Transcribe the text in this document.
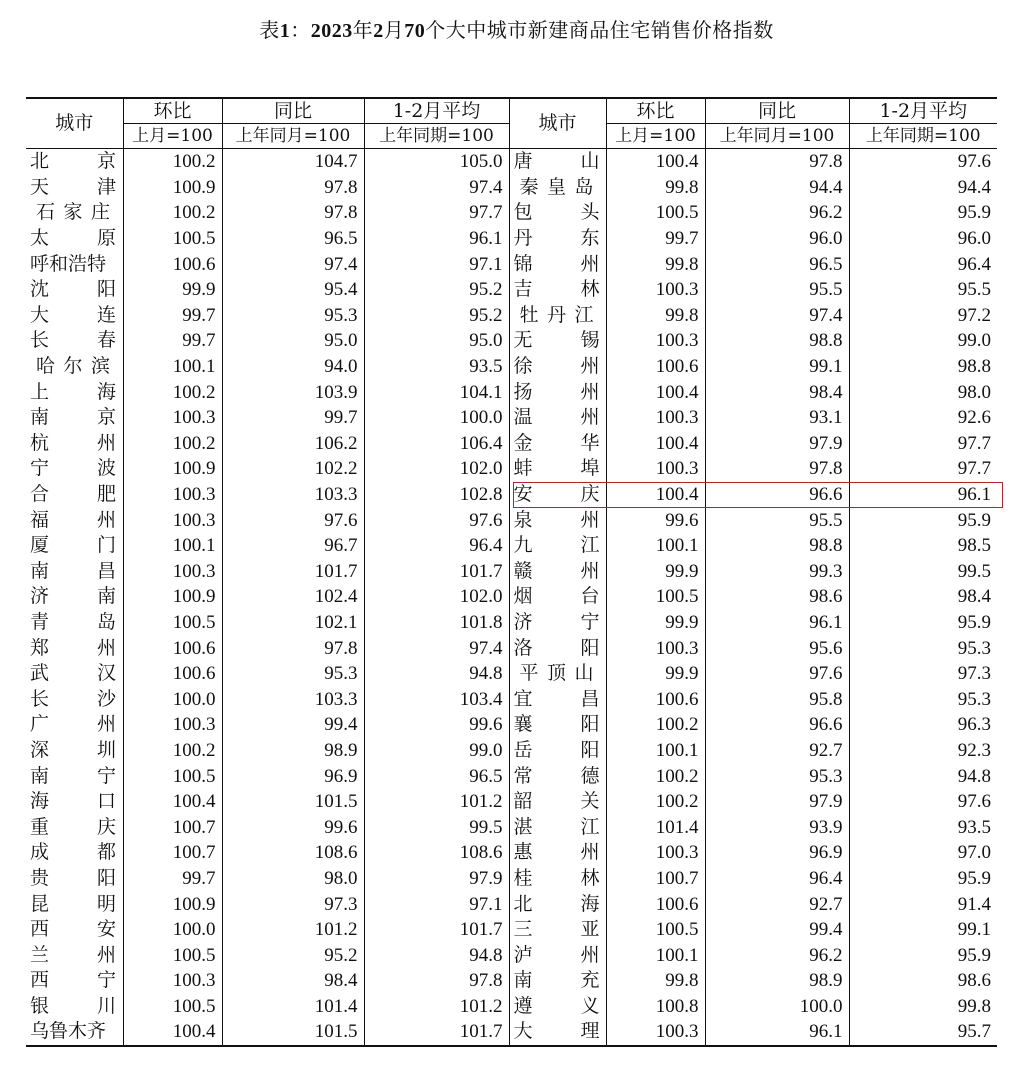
表1：2023年2月70个大中城市新建商品住宅销售价格指数
城市	环比	同比	1-2月平均	城市	环比	同比	1-2月平均
	上月=100	上年同月=100	上年同期=100		上月=100	上年同月=100	上年同期=100

北 京	100.2	104.7	105.0	唐 山	100.4	97.8	97.6

天 津	100.9	97.8	97.4	秦 皇 岛	99.8	94.4	94.4

石 家 庄	100.2	97.8	97.7	包 头	100.5	96.2	95.9

太 原	100.5	96.5	96.1	丹 东	99.7	96.0	96.0

呼 和 浩 特	100.6	97.4	97.1	锦 州	99.8	96.5	96.4

沈 阳	99.9	95.4	95.2	吉 林	100.3	95.5	95.5

大 连	99.7	95.3	95.2	牡 丹 江	99.8	97.4	97.2

长 春	99.7	95.0	95.0	无 锡	100.3	98.8	99.0

哈 尔 滨	100.1	94.0	93.5	徐 州	100.6	99.1	98.8

上 海	100.2	103.9	104.1	扬 州	100.4	98.4	98.0

南 京	100.3	99.7	100.0	温 州	100.3	93.1	92.6

杭 州	100.2	106.2	106.4	金 华	100.4	97.9	97.7

宁 波	100.9	102.2	102.0	蚌 埠	100.3	97.8	97.7

合 肥	100.3	103.3	102.8	安 庆	100.4	96.6	96.1

福 州	100.3	97.6	97.6	泉 州	99.6	95.5	95.9

厦 门	100.1	96.7	96.4	九 江	100.1	98.8	98.5

南 昌	100.3	101.7	101.7	赣 州	99.9	99.3	99.5

济 南	100.9	102.4	102.0	烟 台	100.5	98.6	98.4

青 岛	100.5	102.1	101.8	济 宁	99.9	96.1	95.9

郑 州	100.6	97.8	97.4	洛 阳	100.3	95.6	95.3

武 汉	100.6	95.3	94.8	平 顶 山	99.9	97.6	97.3

长 沙	100.0	103.3	103.4	宜 昌	100.6	95.8	95.3

广 州	100.3	99.4	99.6	襄 阳	100.2	96.6	96.3

深 圳	100.2	98.9	99.0	岳 阳	100.1	92.7	92.3

南 宁	100.5	96.9	96.5	常 德	100.2	95.3	94.8

海 口	100.4	101.5	101.2	韶 关	100.2	97.9	97.6

重 庆	100.7	99.6	99.5	湛 江	101.4	93.9	93.5

成 都	100.7	108.6	108.6	惠 州	100.3	96.9	97.0

贵 阳	99.7	98.0	97.9	桂 林	100.7	96.4	95.9

昆 明	100.9	97.3	97.1	北 海	100.6	92.7	91.4

西 安	100.0	101.2	101.7	三 亚	100.5	99.4	99.1

兰 州	100.5	95.2	94.8	泸 州	100.1	96.2	95.9

西 宁	100.3	98.4	97.8	南 充	99.8	98.9	98.6

银 川	100.5	101.4	101.2	遵 义	100.8	100.0	99.8

乌 鲁 木 齐	100.4	101.5	101.7	大 理	100.3	96.1	95.7
